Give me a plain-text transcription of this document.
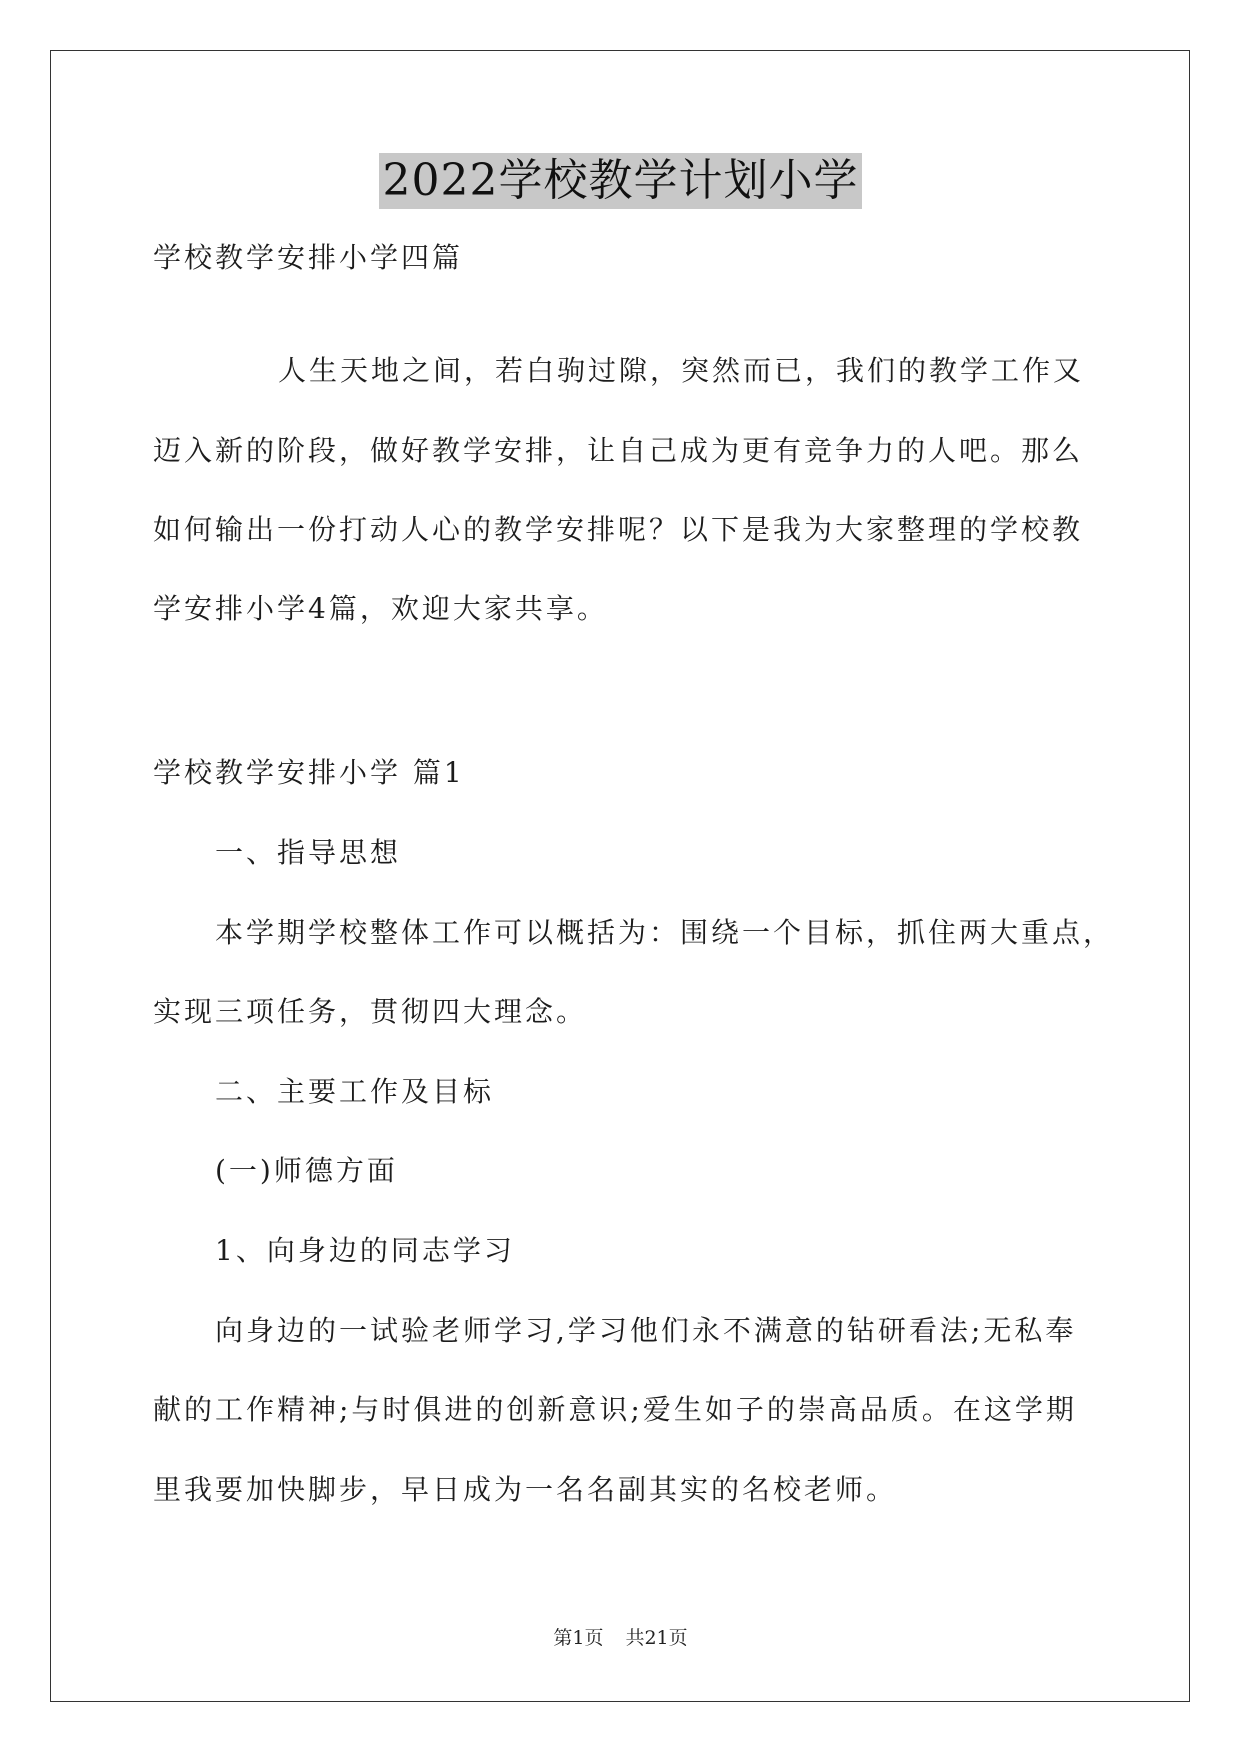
2022学校教学计划小学
学校教学安排小学四篇
人生天地之间，若白驹过隙，突然而已，我们的教学工作又
迈入新的阶段，做好教学安排，让自己成为更有竞争力的人吧。那么
如何输出一份打动人心的教学安排呢？以下是我为大家整理的学校教
学安排小学4篇，欢迎大家共享。
学校教学安排小学 篇1
一、指导思想
本学期学校整体工作可以概括为：围绕一个目标，抓住两大重点，
实现三项任务，贯彻四大理念。
二、主要工作及目标
(一)师德方面
1、向身边的同志学习
向身边的一试验老师学习,学习他们永不满意的钻研看法;无私奉
献的工作精神;与时俱进的创新意识;爱生如子的崇高品质。在这学期
里我要加快脚步，早日成为一名名副其实的名校老师。
第1页 共21页
